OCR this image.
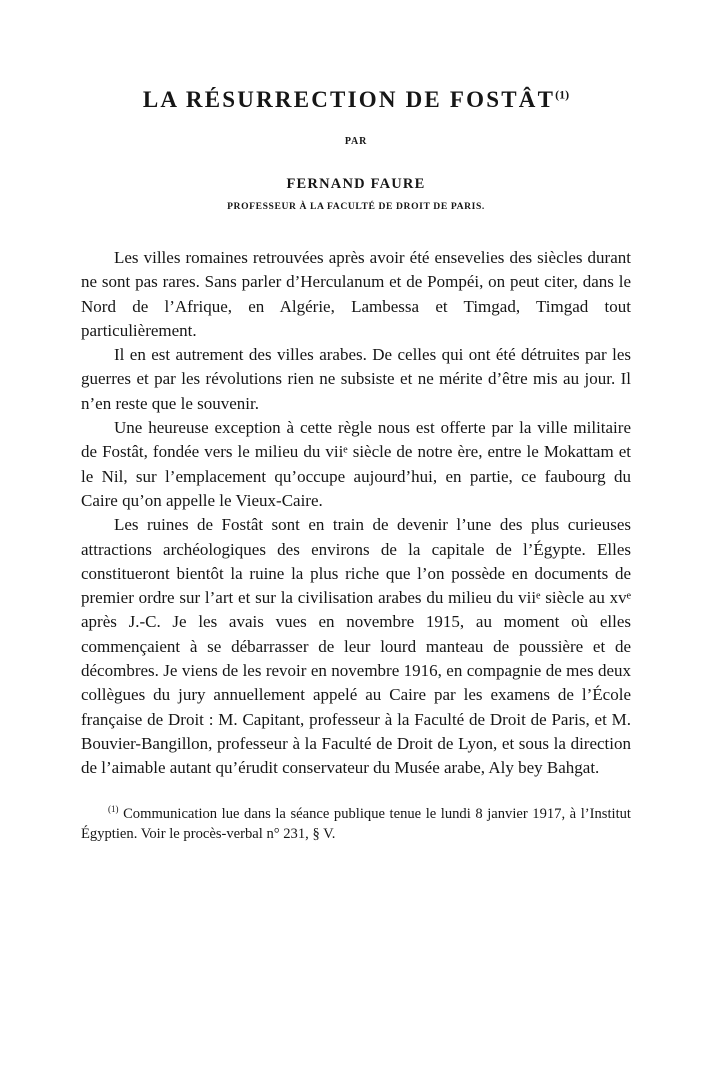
LA RÉSURRECTION DE FOSTÂT$^{(1)}$
PAR
FERNAND FAURE
PROFESSEUR À LA FACULTÉ DE DROIT DE PARIS.

Les villes romaines retrouvées après avoir été ensevelies des siècles durant ne sont pas rares. Sans parler d’Herculanum et de Pompéi, on peut citer, dans le Nord de l’Afrique, en Algérie, Lambessa et Timgad, Timgad tout particulièrement.

Il en est autrement des villes arabes. De celles qui ont été détruites par les guerres et par les révolutions rien ne subsiste et ne mérite d’être mis au jour. Il n’en reste que le souvenir.

Une heureuse exception à cette règle nous est offerte par la ville militaire de Fostât, fondée vers le milieu du viiᵉ siècle de notre ère, entre le Mokattam et le Nil, sur l’emplacement qu’occupe aujourd’hui, en partie, ce faubourg du Caire qu’on appelle le Vieux-Caire.

Les ruines de Fostât sont en train de devenir l’une des plus curieuses attractions archéologiques des environs de la capitale de l’Égypte. Elles constitueront bientôt la ruine la plus riche que l’on possède en documents de premier ordre sur l’art et sur la civilisation arabes du milieu du viiᵉ siècle au xvᵉ après J.-C. Je les avais vues en novembre 1915, au moment où elles commençaient à se débarrasser de leur lourd manteau de poussière et de décombres. Je viens de les revoir en novembre 1916, en compagnie de mes deux collègues du jury annuellement appelé au Caire par les examens de l’École française de Droit : M. Capitant, professeur à la Faculté de Droit de Paris, et M. Bouvier-Bangillon, professeur à la Faculté de Droit de Lyon, et sous la direction de l’aimable autant qu’érudit conservateur du Musée arabe, Aly bey Bahgat.

$^{(1)}$ Communication lue dans la séance publique tenue le lundi 8 janvier 1917, à l’Institut Égyptien. Voir le procès-verbal n° 231, § V.
